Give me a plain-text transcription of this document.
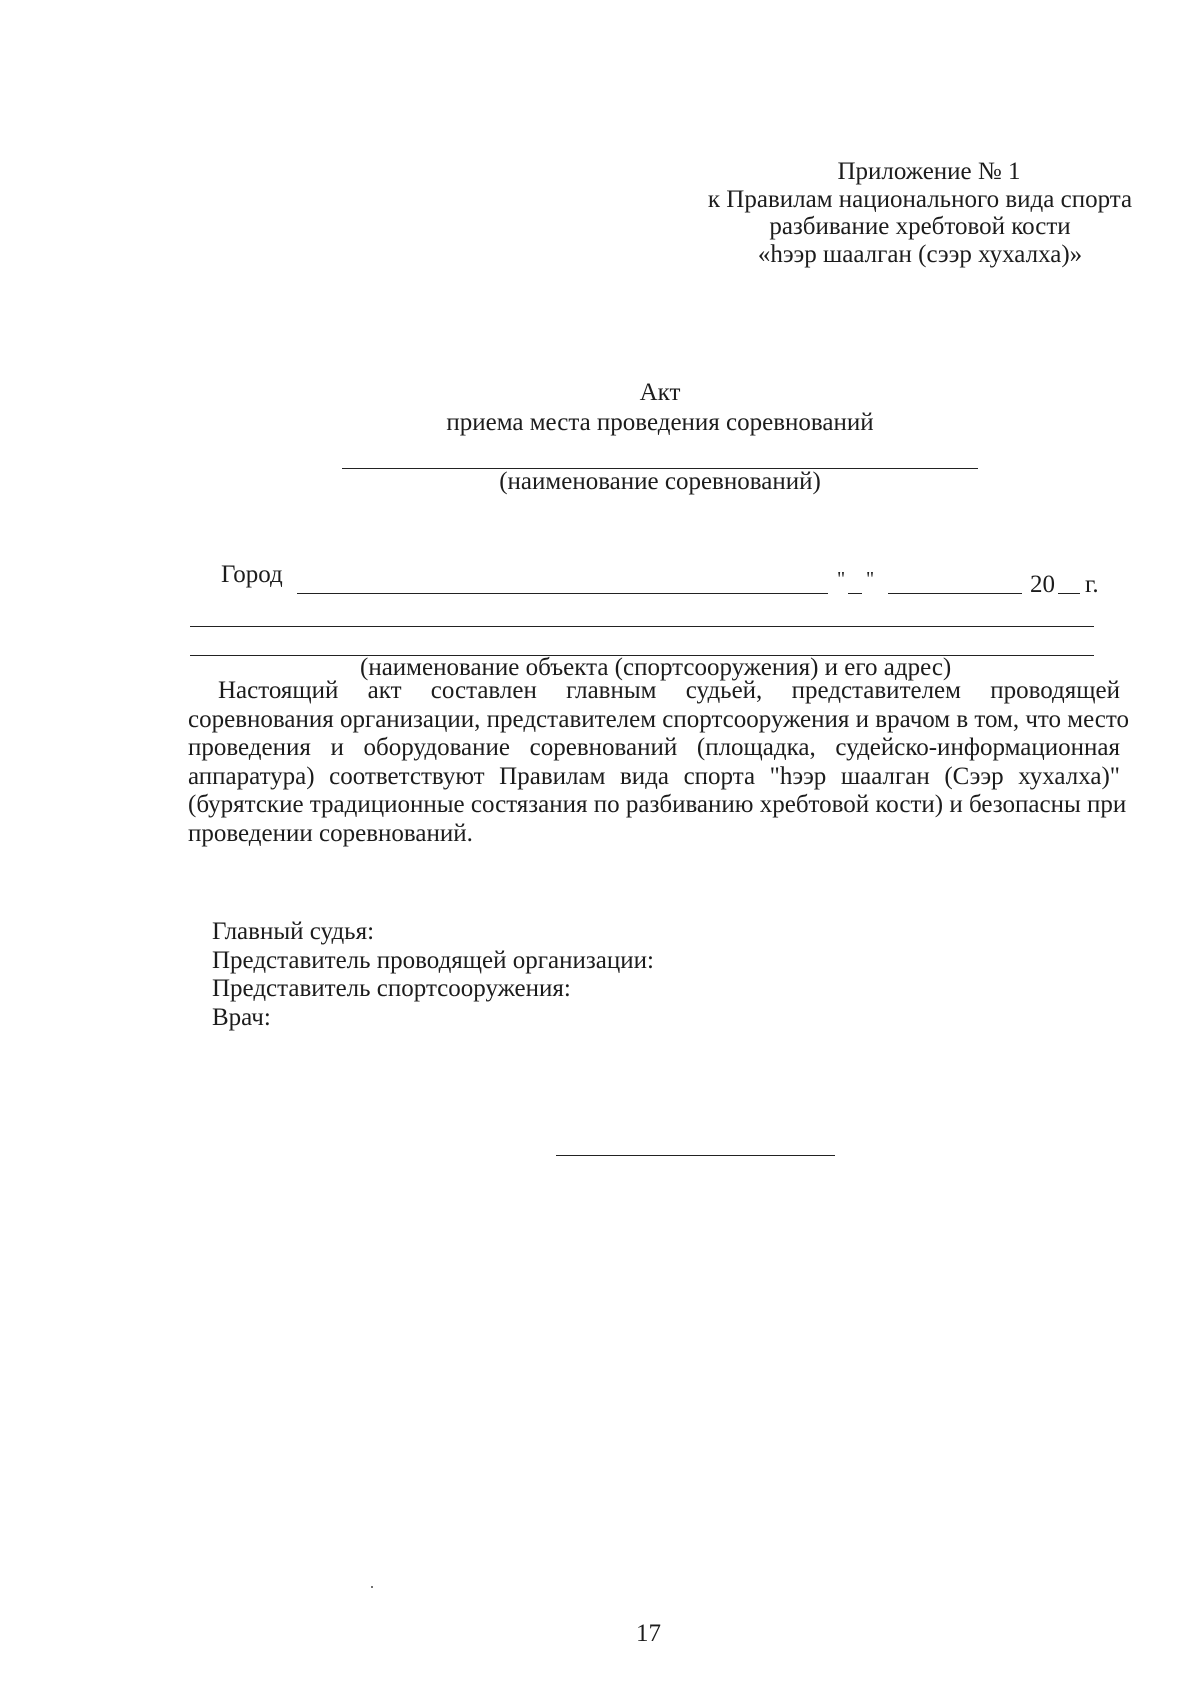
Приложение № 1
к Правилам национального вида спорта
разбивание хребтовой кости
«hээр шаалган (сээр хухалха)»
Акт
приема места проведения соревнований
(наименование соревнований)
Город	" "	20 г.
(наименование объекта (спортсооружения) и его адрес)
Настоящий акт составлен главным судьей, представителем проводящей
соревнования организации, представителем спортсооружения и врачом в том, что место
проведения и оборудование соревнований (площадка, судейско-информационная
аппаратура) соответствуют Правилам вида спорта "hээр шаалган (Сээр хухалха)"
(бурятские традиционные состязания по разбиванию хребтовой кости) и безопасны при
проведении соревнований.
Главный судья:
Представитель проводящей организации:
Представитель спортсооружения:
Врач:
17
